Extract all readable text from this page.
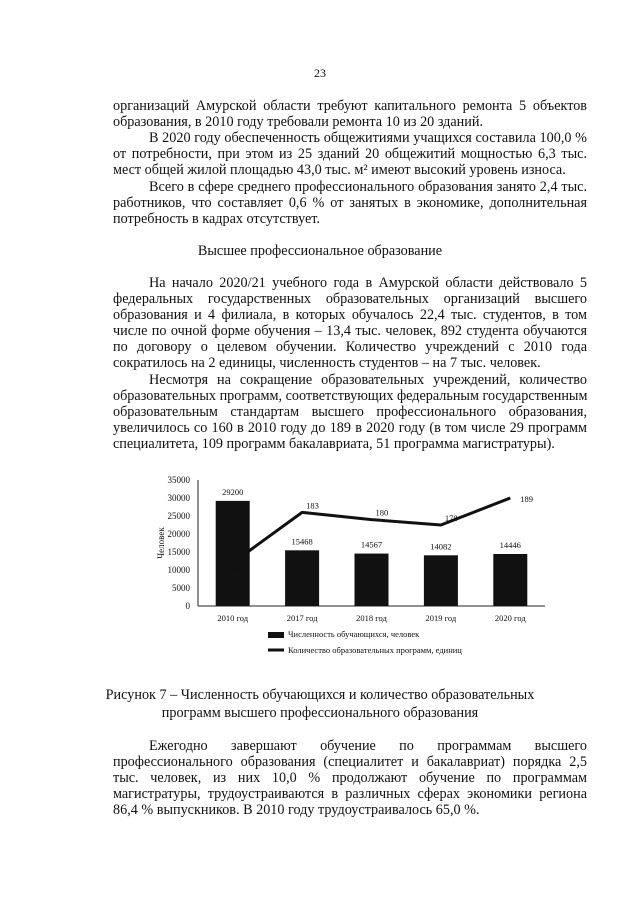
23
организаций Амурской области требуют капитального ремонта 5 объектов
образования, в 2010 году требовали ремонта 10 из 20 зданий.
В 2020 году обеспеченность общежитиями учащихся составила 100,0 %
от потребности, при этом из 25 зданий 20 общежитий мощностью 6,3 тыс.
мест общей жилой площадью 43,0 тыс. м² имеют высокий уровень износа.
Всего в сфере среднего профессионального образования занято 2,4 тыс.
работников, что составляет 0,6 % от занятых в экономике, дополнительная
потребность в кадрах отсутствует.
Высшее профессиональное образование
На начало 2020/21 учебного года в Амурской области действовало 5
федеральных государственных образовательных организаций высшего
образования и 4 филиала, в которых обучалось 22,4 тыс. студентов, в том
числе по очной форме обучения – 13,4 тыс. человек, 892 студента обучаются
по договору о целевом обучении. Количество учреждений с 2010 года
сократилось на 2 единицы, численность студентов – на 7 тыс. человек.
Несмотря на сокращение образовательных учреждений, количество
образовательных программ, соответствующих федеральным государственным
образовательным стандартам высшего профессионального образования,
увеличилось со 160 в 2010 году до 189 в 2020 году (в том числе 29 программ
специалитета, 109 программ бакалавриата, 51 программа магистратуры).
0
5000
10000
15000
20000
25000
30000
35000
Человек
29200
15468	14567	14082	14446
160
183
180
178
189
2010 год	2017 год	2018 год	2019 год	2020 год
Численность обучающихся, человек
Количество образовательных программ, единиц
Рисунок 7 – Численность обучающихся и количество образовательных
программ высшего профессионального образования
Ежегодно завершают обучение по программам высшего
профессионального образования (специалитет и бакалавриат) порядка 2,5
тыс. человек, из них 10,0 % продолжают обучение по программам
магистратуры, трудоустраиваются в различных сферах экономики региона
86,4 % выпускников. В 2010 году трудоустраивалось 65,0 %.
